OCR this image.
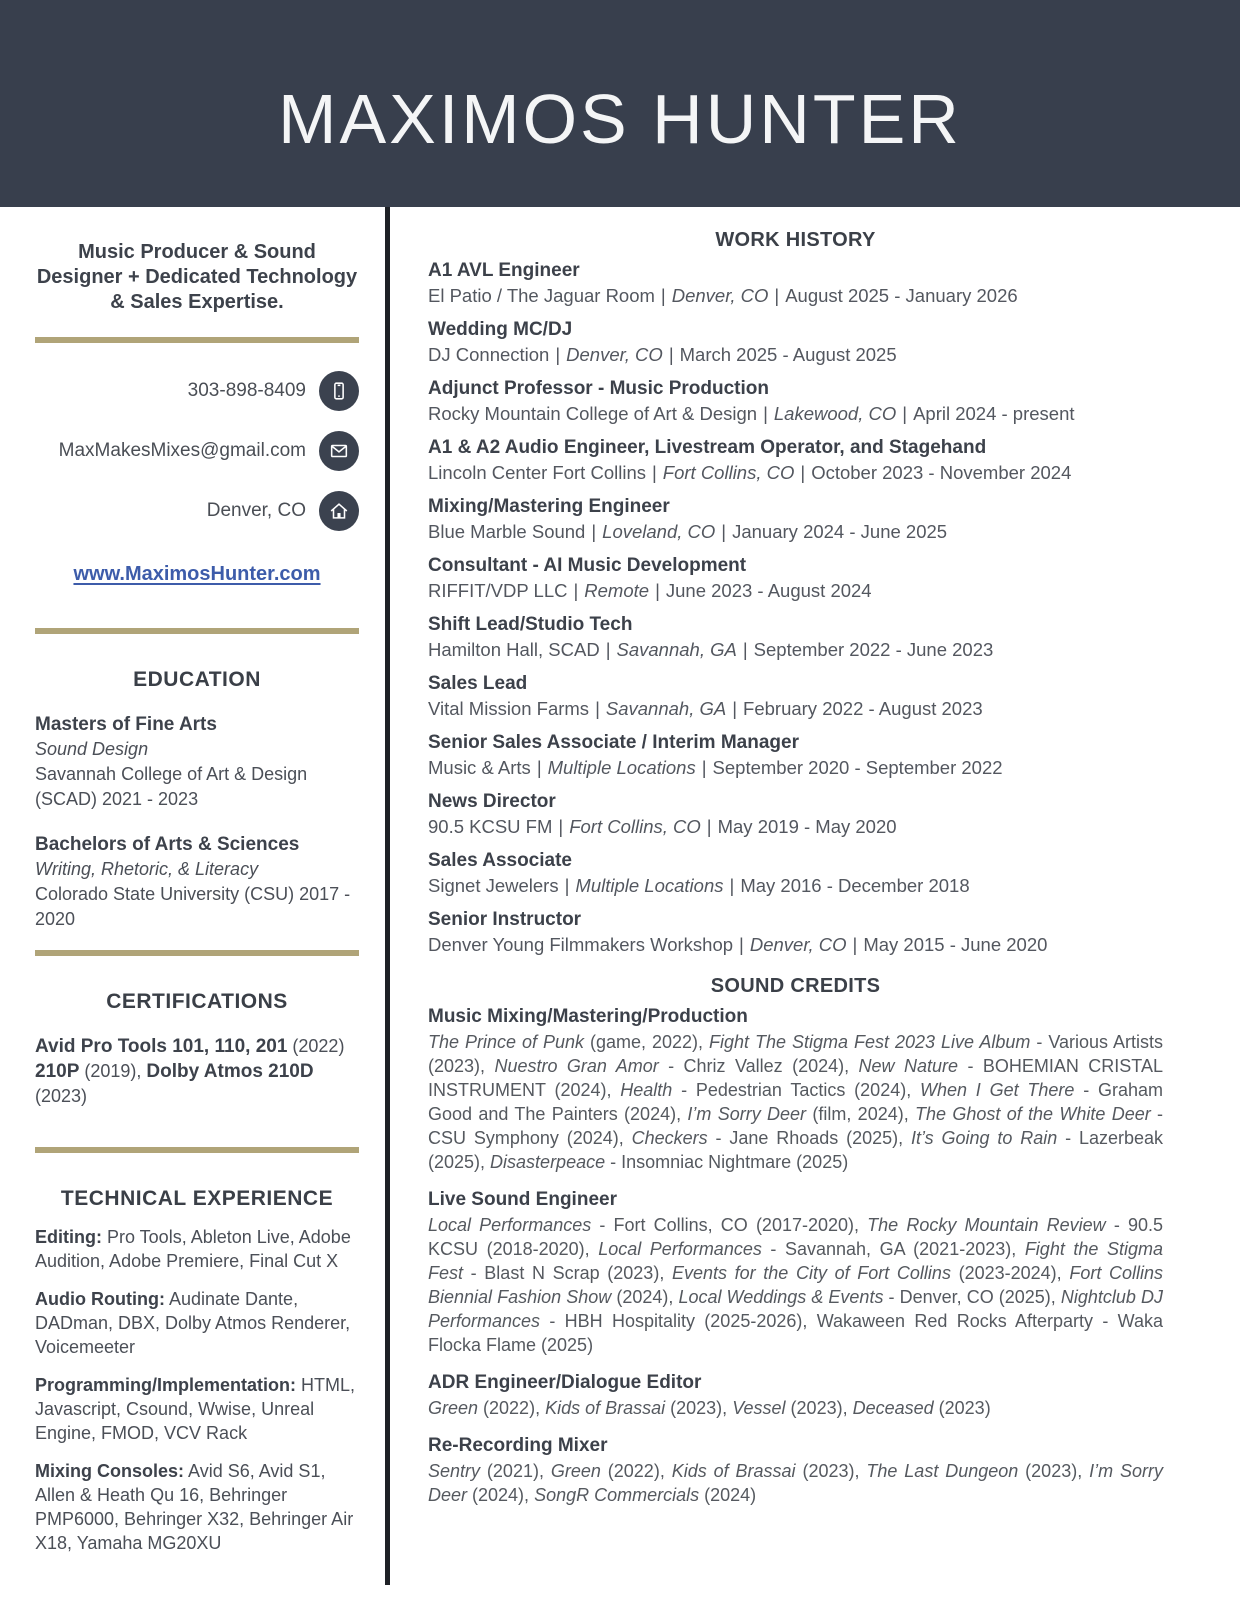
MAXIMOS HUNTER

Music Producer & Sound Designer + Dedicated Technology & Sales Expertise.

303-898-8409
MaxMakesMixes@gmail.com
Denver, CO
www.MaximosHunter.com
EDUCATION
Masters of Fine Arts
Sound Design
Savannah College of Art & Design (SCAD) 2021 - 2023
Bachelors of Arts & Sciences
Writing, Rhetoric, & Literacy
Colorado State University (CSU) 2017 - 2020
CERTIFICATIONS

Avid Pro Tools 101, 110, 201 (2022) 210P (2019), Dolby Atmos 210D (2023)

TECHNICAL EXPERIENCE

Editing: Pro Tools, Ableton Live, Adobe Audition, Adobe Premiere, Final Cut X

Audio Routing: Audinate Dante, DADman, DBX, Dolby Atmos Renderer, Voicemeeter

Programming/Implementation: HTML, Javascript, Csound, Wwise, Unreal Engine, FMOD, VCV Rack

Mixing Consoles: Avid S6, Avid S1, Allen & Heath Qu 16, Behringer PMP6000, Behringer X32, Behringer Air X18, Yamaha MG20XU

WORK HISTORY
A1 AVL Engineer
El Patio / The Jaguar Room | Denver, CO | August 2025 - January 2026
Wedding MC/DJ
DJ Connection | Denver, CO | March 2025 - August 2025
Adjunct Professor - Music Production
Rocky Mountain College of Art & Design | Lakewood, CO | April 2024 - present
A1 & A2 Audio Engineer, Livestream Operator, and Stagehand
Lincoln Center Fort Collins | Fort Collins, CO | October 2023 - November 2024
Mixing/Mastering Engineer
Blue Marble Sound | Loveland, CO | January 2024 - June 2025
Consultant - AI Music Development
RIFFIT/VDP LLC | Remote | June 2023 - August 2024
Shift Lead/Studio Tech
Hamilton Hall, SCAD | Savannah, GA | September 2022 - June 2023
Sales Lead
Vital Mission Farms | Savannah, GA | February 2022 - August 2023
Senior Sales Associate / Interim Manager
Music & Arts | Multiple Locations | September 2020 - September 2022
News Director
90.5 KCSU FM | Fort Collins, CO | May 2019 - May 2020
Sales Associate
Signet Jewelers | Multiple Locations | May 2016 - December 2018
Senior Instructor
Denver Young Filmmakers Workshop | Denver, CO | May 2015 - June 2020
SOUND CREDITS
Music Mixing/Mastering/Production

The Prince of Punk (game, 2022), Fight The Stigma Fest 2023 Live Album - Various Artists (2023), Nuestro Gran Amor - Chriz Vallez (2024), New Nature - BOHEMIAN CRISTAL INSTRUMENT (2024), Health - Pedestrian Tactics (2024), When I Get There - Graham Good and The Painters (2024), I’m Sorry Deer (film, 2024), The Ghost of the White Deer - CSU Symphony (2024), Checkers - Jane Rhoads (2025), It’s Going to Rain - Lazerbeak (2025), Disasterpeace - Insomniac Nightmare (2025)

Live Sound Engineer

Local Performances - Fort Collins, CO (2017-2020), The Rocky Mountain Review - 90.5 KCSU (2018-2020), Local Performances - Savannah, GA (2021-2023), Fight the Stigma Fest - Blast N Scrap (2023), Events for the City of Fort Collins (2023-2024), Fort Collins Biennial Fashion Show (2024), Local Weddings & Events - Denver, CO (2025), Nightclub DJ Performances - HBH Hospitality (2025-2026), Wakaween Red Rocks Afterparty - Waka Flocka Flame (2025)

ADR Engineer/Dialogue Editor

Green (2022), Kids of Brassai (2023), Vessel (2023), Deceased (2023)

Re-Recording Mixer

Sentry (2021), Green (2022), Kids of Brassai (2023), The Last Dungeon (2023), I’m Sorry Deer (2024), SongR Commercials (2024)
